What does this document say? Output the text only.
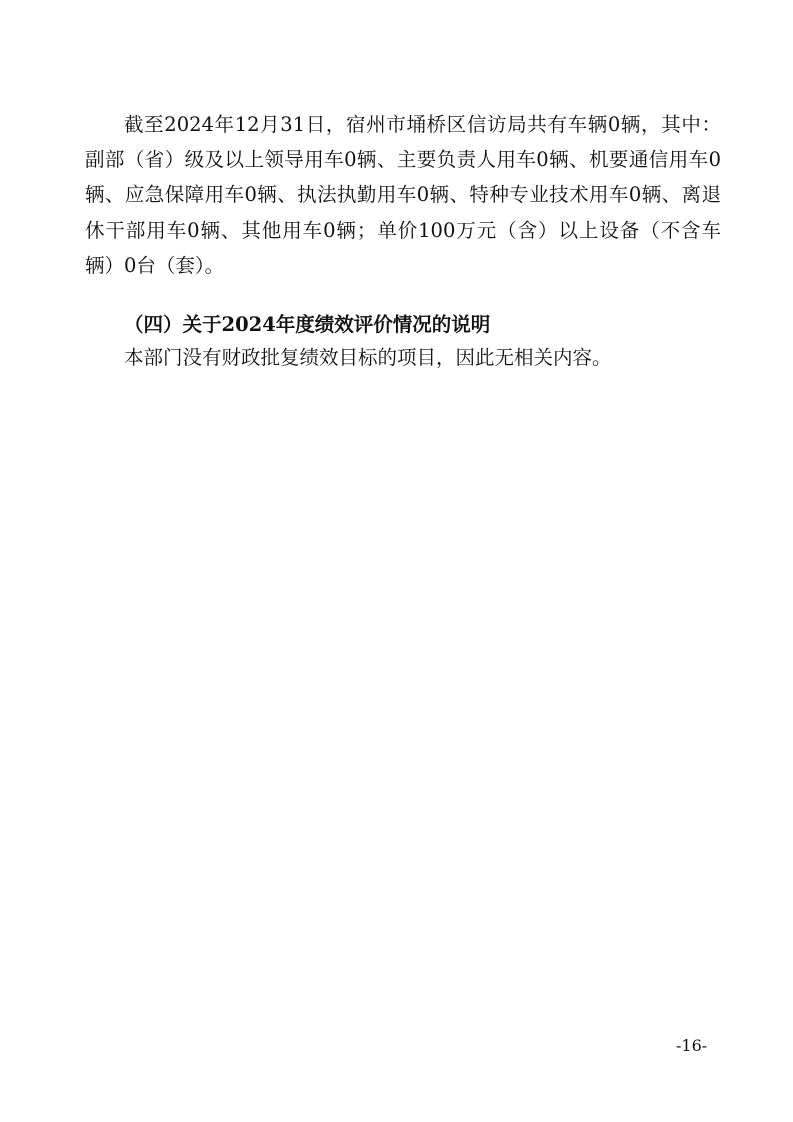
截至2024年12月31日，宿州市埇桥区信访局共有车辆0辆，其中：副部（省）级及以上领导用车0辆、主要负责人用车0辆、机要通信用车0辆、应急保障用车0辆、执法执勤用车0辆、特种专业技术用车0辆、离退休干部用车0辆、其他用车0辆；单价100万元（含）以上设备（不含车辆）0台（套）。

（四）关于2024年度绩效评价情况的说明

本部门没有财政批复绩效目标的项目，因此无相关内容。

-16-
